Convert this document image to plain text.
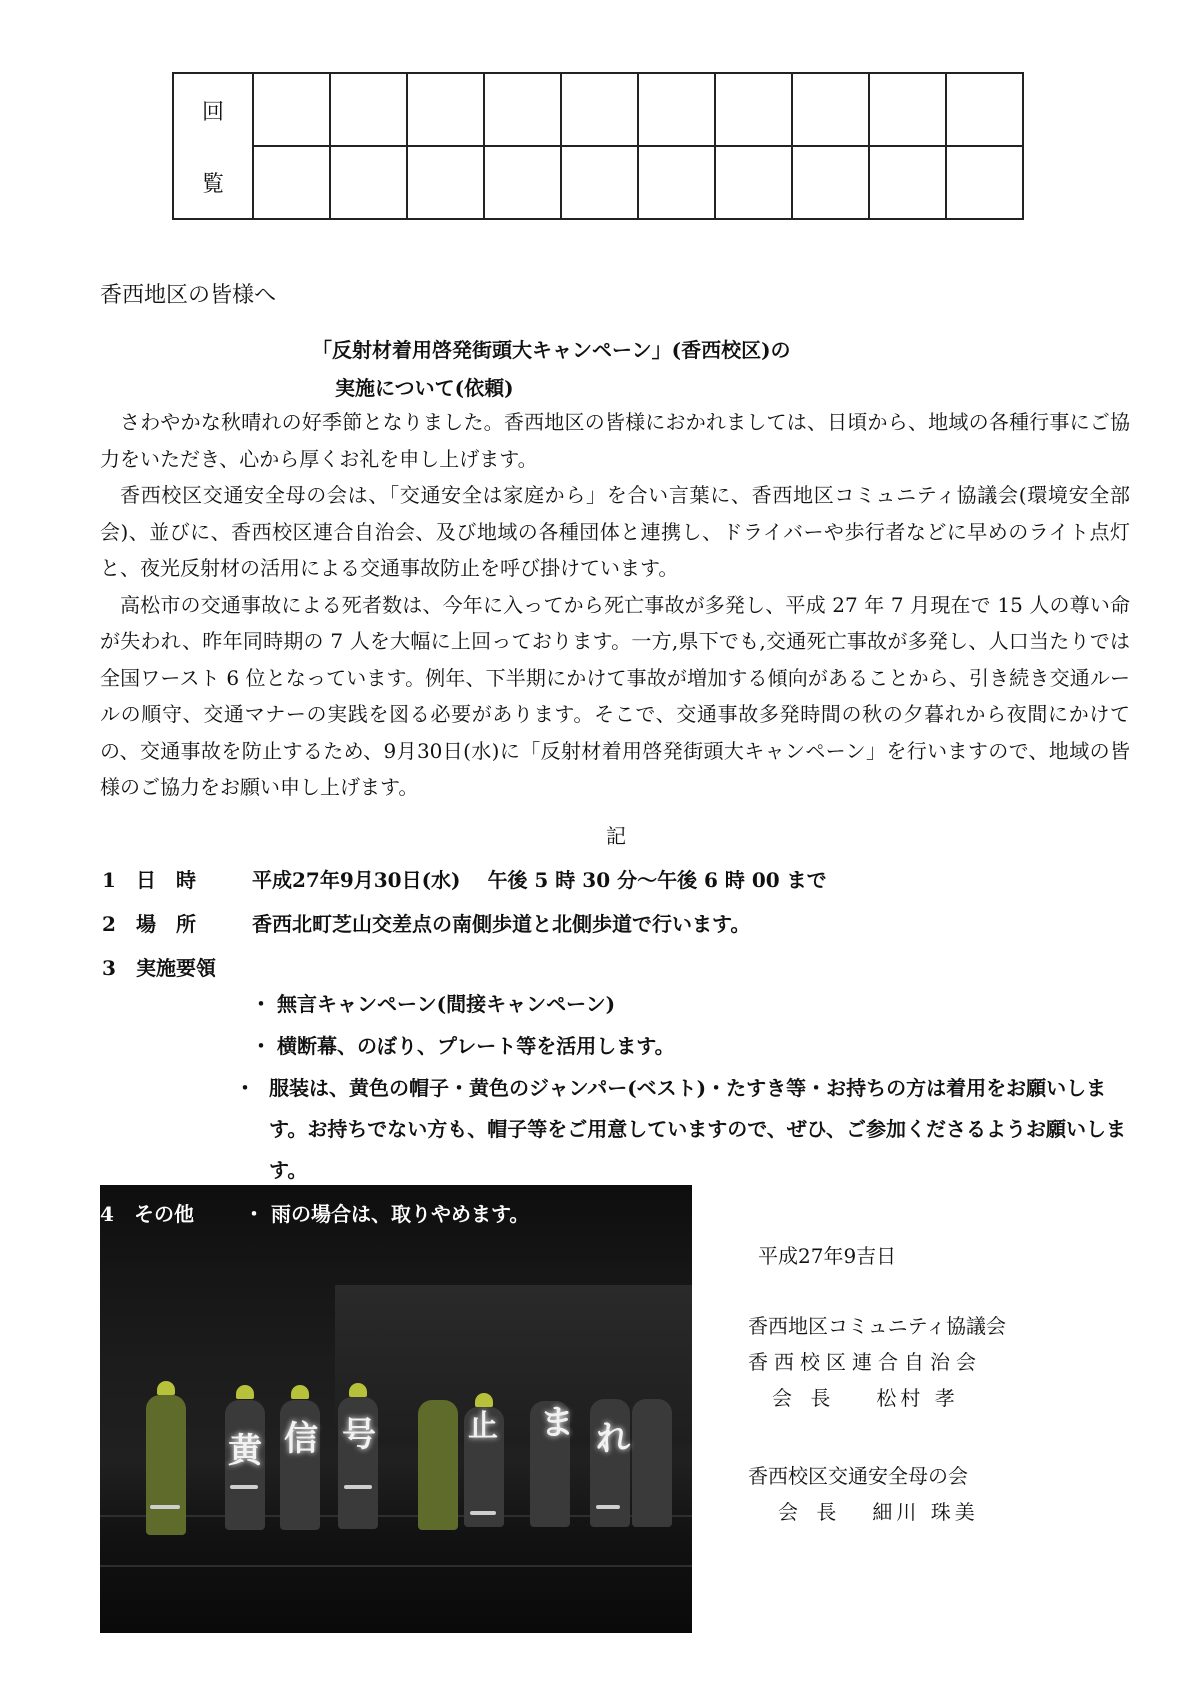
回										
覧										
香西地区の皆様へ
「反射材着用啓発街頭大キャンペーン」(香西校区)の
実施について(依頼)

さわやかな秋晴れの好季節となりました。香西地区の皆様におかれましては、日頃から、地域の各種行事にご協力をいただき、心から厚くお礼を申し上げます。

香西校区交通安全母の会は、「交通安全は家庭から」を合い言葉に、香西地区コミュニティ協議会(環境安全部会)、並びに、香西校区連合自治会、及び地域の各種団体と連携し、ドライバーや歩行者などに早めのライト点灯と、夜光反射材の活用による交通事故防止を呼び掛けています。

高松市の交通事故による死者数は、今年に入ってから死亡事故が多発し、平成 27 年 7 月現在で 15 人の尊い命が失われ、昨年同時期の 7 人を大幅に上回っております。一方,県下でも,交通死亡事故が多発し、人口当たりでは全国ワースト 6 位となっています。例年、下半期にかけて事故が増加する傾向があることから、引き続き交通ルールの順守、交通マナーの実践を図る必要があります。そこで、交通事故多発時間の秋の夕暮れから夜間にかけての、交通事故を防止するため、9月30日(水)に「反射材着用啓発街頭大キャンペーン」を行いますので、地域の皆様のご協力をお願い申し上げます。

記
1 日　時	平成27年9月30日(水)　 午後 5 時 30 分～午後 6 時 00 まで
2 場　所	香西北町芝山交差点の南側歩道と北側歩道で行います。
3 実施要領
・ 無言キャンペーン(間接キャンペーン)
・ 横断幕、のぼり、プレート等を活用します。
・ 服装は、黄色の帽子・黄色のジャンパー(ベスト)・たすき等・お持ちの方は着用をお願いします。お持ちでない方も、帽子等をご用意していますので、ぜひ、ご参加くださるようお願いします。
黄 信 号	止 ま れ
4 その他	・ 雨の場合は、取りやめます。
平成27年9吉日
香西地区コミュニティ協議会
香西校区連合自治会
会 長 松村 孝
香西校区交通安全母の会
会 長 細川 珠美
